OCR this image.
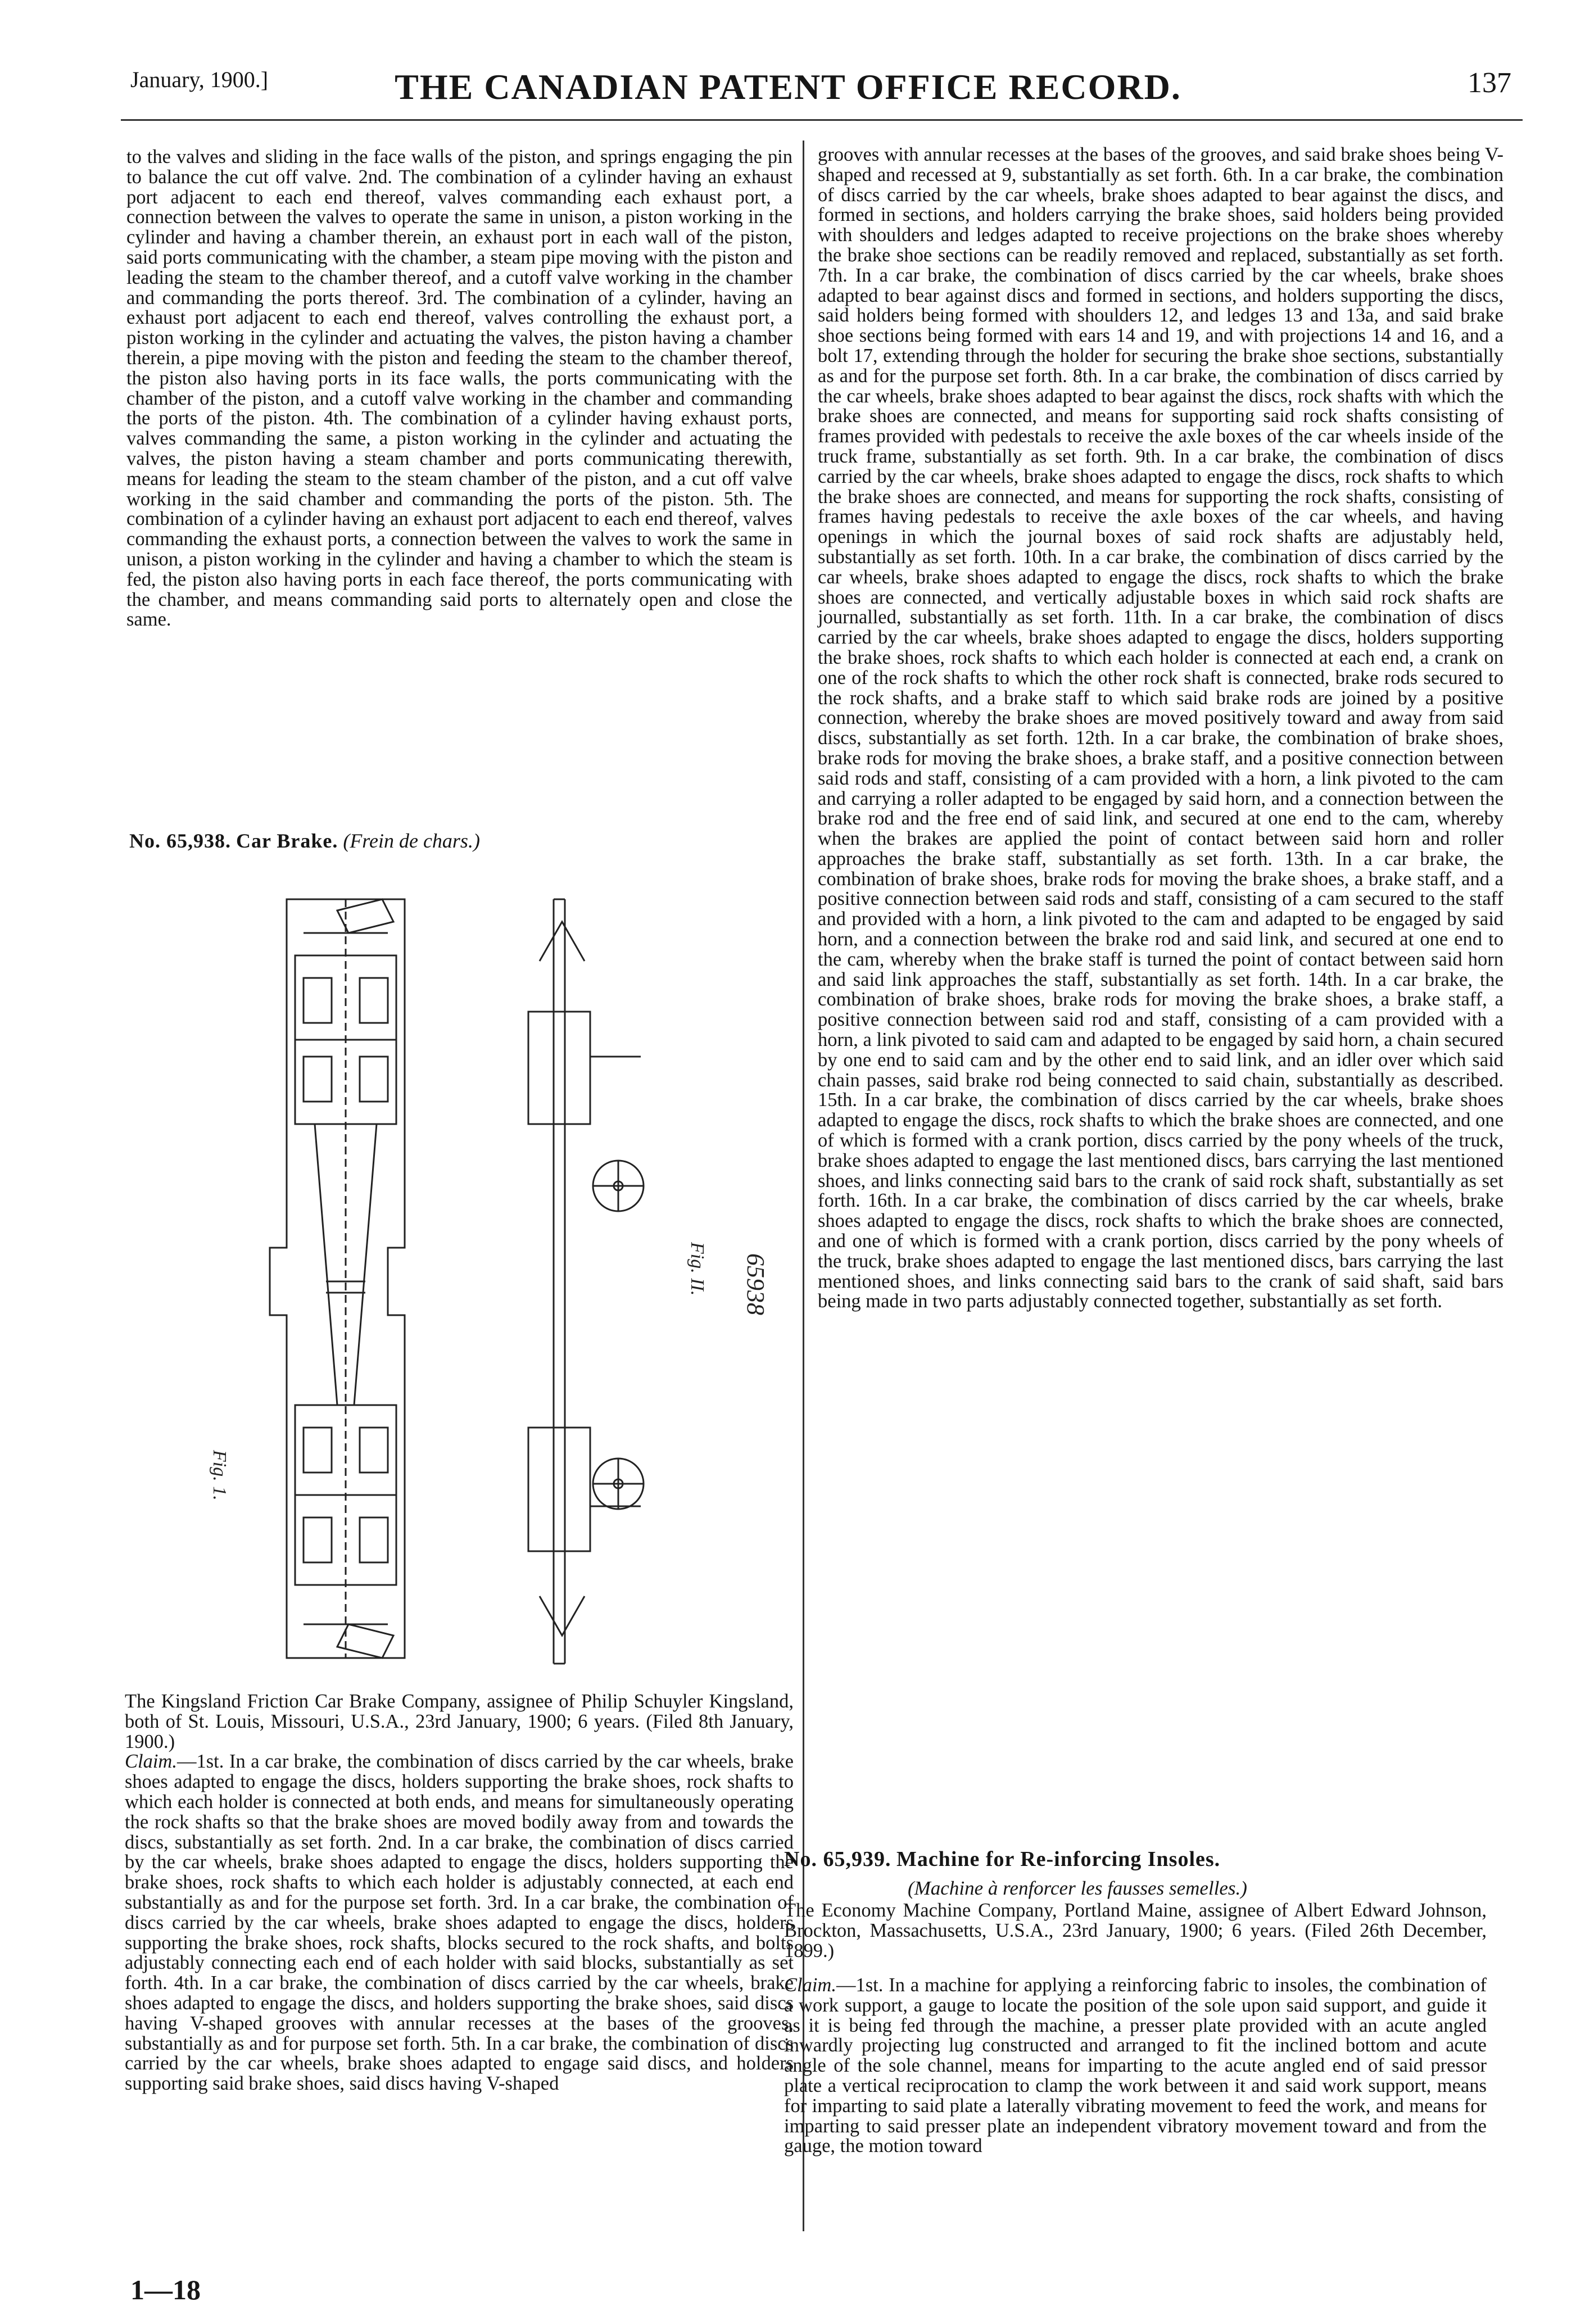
January, 1900.]	THE CANADIAN PATENT OFFICE RECORD.	137

to the valves and sliding in the face walls of the piston, and springs engaging the pin to balance the cut off valve. 2nd. The combination of a cylinder having an exhaust port adjacent to each end thereof, valves commanding each exhaust port, a connection between the valves to operate the same in unison, a piston working in the cylinder and having a chamber therein, an exhaust port in each wall of the piston, said ports communicating with the chamber, a steam pipe moving with the piston and leading the steam to the chamber thereof, and a cutoff valve working in the chamber and commanding the ports thereof. 3rd. The combination of a cylinder, having an exhaust port adjacent to each end thereof, valves controlling the exhaust port, a piston working in the cylinder and actuating the valves, the piston having a chamber therein, a pipe moving with the piston and feeding the steam to the chamber thereof, the piston also having ports in its face walls, the ports communicating with the chamber of the piston, and a cutoff valve working in the chamber and commanding the ports of the piston. 4th. The combination of a cylinder having exhaust ports, valves commanding the same, a piston working in the cylinder and actuating the valves, the piston having a steam chamber and ports communicating therewith, means for leading the steam to the steam chamber of the piston, and a cut off valve working in the said chamber and commanding the ports of the piston. 5th. The combination of a cylinder having an exhaust port adjacent to each end thereof, valves commanding the exhaust ports, a connection between the valves to work the same in unison, a piston working in the cylinder and having a chamber to which the steam is fed, the piston also having ports in each face thereof, the ports communicating with the chamber, and means commanding said ports to alternately open and close the same.

No. 65,938. Car Brake. (Frein de chars.)
Fig. 1.
Fig. II. 65938

The Kingsland Friction Car Brake Company, assignee of Philip Schuyler Kingsland, both of St. Louis, Missouri, U.S.A., 23rd January, 1900; 6 years. (Filed 8th January, 1900.)

Claim.—1st. In a car brake, the combination of discs carried by the car wheels, brake shoes adapted to engage the discs, holders supporting the brake shoes, rock shafts to which each holder is connected at both ends, and means for simultaneously operating the rock shafts so that the brake shoes are moved bodily away from and towards the discs, substantially as set forth. 2nd. In a car brake, the combination of discs carried by the car wheels, brake shoes adapted to engage the discs, holders supporting the brake shoes, rock shafts to which each holder is adjustably connected, at each end substantially as and for the purpose set forth. 3rd. In a car brake, the combination of discs carried by the car wheels, brake shoes adapted to engage the discs, holders supporting the brake shoes, rock shafts, blocks secured to the rock shafts, and bolts adjustably connecting each end of each holder with said blocks, substantially as set forth. 4th. In a car brake, the combination of discs carried by the car wheels, brake shoes adapted to engage the discs, and holders supporting the brake shoes, said discs having V-shaped grooves with annular recesses at the bases of the grooves, substantially as and for purpose set forth. 5th. In a car brake, the combination of discs carried by the car wheels, brake shoes adapted to engage said discs, and holders supporting said brake shoes, said discs having V-shaped

grooves with annular recesses at the bases of the grooves, and said brake shoes being V-shaped and recessed at 9, substantially as set forth. 6th. In a car brake, the combination of discs carried by the car wheels, brake shoes adapted to bear against the discs, and formed in sections, and holders carrying the brake shoes, said holders being provided with shoulders and ledges adapted to receive projections on the brake shoes whereby the brake shoe sections can be readily removed and replaced, substantially as set forth. 7th. In a car brake, the combination of discs carried by the car wheels, brake shoes adapted to bear against discs and formed in sections, and holders supporting the discs, said holders being formed with shoulders 12, and ledges 13 and 13a, and said brake shoe sections being formed with ears 14 and 19, and with projections 14 and 16, and a bolt 17, extending through the holder for securing the brake shoe sections, substantially as and for the purpose set forth. 8th. In a car brake, the combination of discs carried by the car wheels, brake shoes adapted to bear against the discs, rock shafts with which the brake shoes are connected, and means for supporting said rock shafts consisting of frames provided with pedestals to receive the axle boxes of the car wheels inside of the truck frame, substantially as set forth. 9th. In a car brake, the combination of discs carried by the car wheels, brake shoes adapted to engage the discs, rock shafts to which the brake shoes are connected, and means for supporting the rock shafts, consisting of frames having pedestals to receive the axle boxes of the car wheels, and having openings in which the journal boxes of said rock shafts are adjustably held, substantially as set forth. 10th. In a car brake, the combination of discs carried by the car wheels, brake shoes adapted to engage the discs, rock shafts to which the brake shoes are connected, and vertically adjustable boxes in which said rock shafts are journalled, substantially as set forth. 11th. In a car brake, the combination of discs carried by the car wheels, brake shoes adapted to engage the discs, holders supporting the brake shoes, rock shafts to which each holder is connected at each end, a crank on one of the rock shafts to which the other rock shaft is connected, brake rods secured to the rock shafts, and a brake staff to which said brake rods are joined by a positive connection, whereby the brake shoes are moved positively toward and away from said discs, substantially as set forth. 12th. In a car brake, the combination of brake shoes, brake rods for moving the brake shoes, a brake staff, and a positive connection between said rods and staff, consisting of a cam provided with a horn, a link pivoted to the cam and carrying a roller adapted to be engaged by said horn, and a connection between the brake rod and the free end of said link, and secured at one end to the cam, whereby when the brakes are applied the point of contact between said horn and roller approaches the brake staff, substantially as set forth. 13th. In a car brake, the combination of brake shoes, brake rods for moving the brake shoes, a brake staff, and a positive connection between said rods and staff, consisting of a cam secured to the staff and provided with a horn, a link pivoted to the cam and adapted to be engaged by said horn, and a connection between the brake rod and said link, and secured at one end to the cam, whereby when the brake staff is turned the point of contact between said horn and said link approaches the staff, substantially as set forth. 14th. In a car brake, the combination of brake shoes, brake rods for moving the brake shoes, a brake staff, a positive connection between said rod and staff, consisting of a cam provided with a horn, a link pivoted to said cam and adapted to be engaged by said horn, a chain secured by one end to said cam and by the other end to said link, and an idler over which said chain passes, said brake rod being connected to said chain, substantially as described. 15th. In a car brake, the combination of discs carried by the car wheels, brake shoes adapted to engage the discs, rock shafts to which the brake shoes are connected, and one of which is formed with a crank portion, discs carried by the pony wheels of the truck, brake shoes adapted to engage the last mentioned discs, bars carrying the last mentioned shoes, and links connecting said bars to the crank of said rock shaft, substantially as set forth. 16th. In a car brake, the combination of discs carried by the car wheels, brake shoes adapted to engage the discs, rock shafts to which the brake shoes are connected, and one of which is formed with a crank portion, discs carried by the pony wheels of the truck, brake shoes adapted to engage the last mentioned discs, bars carrying the last mentioned shoes, and links connecting said bars to the crank of said shaft, said bars being made in two parts adjustably connected together, substantially as set forth.

No. 65,939. Machine for Re-inforcing Insoles.
(Machine à renforcer les fausses semelles.)
The Economy Machine Company, Portland Maine, assignee of Albert Edward Johnson, Brockton, Massachusetts, U.S.A., 23rd January, 1900; 6 years. (Filed 26th December, 1899.)
Claim.—1st. In a machine for applying a reinforcing fabric to insoles, the combination of a work support, a gauge to locate the position of the sole upon said support, and guide it as it is being fed through the machine, a presser plate provided with an acute angled inwardly projecting lug constructed and arranged to fit the inclined bottom and acute angle of the sole channel, means for imparting to the acute angled end of said pressor plate a vertical reciprocation to clamp the work between it and said work support, means for imparting to said plate a laterally vibrating movement to feed the work, and means for imparting to said presser plate an independent vibratory movement toward and from the gauge, the motion toward
1—18
